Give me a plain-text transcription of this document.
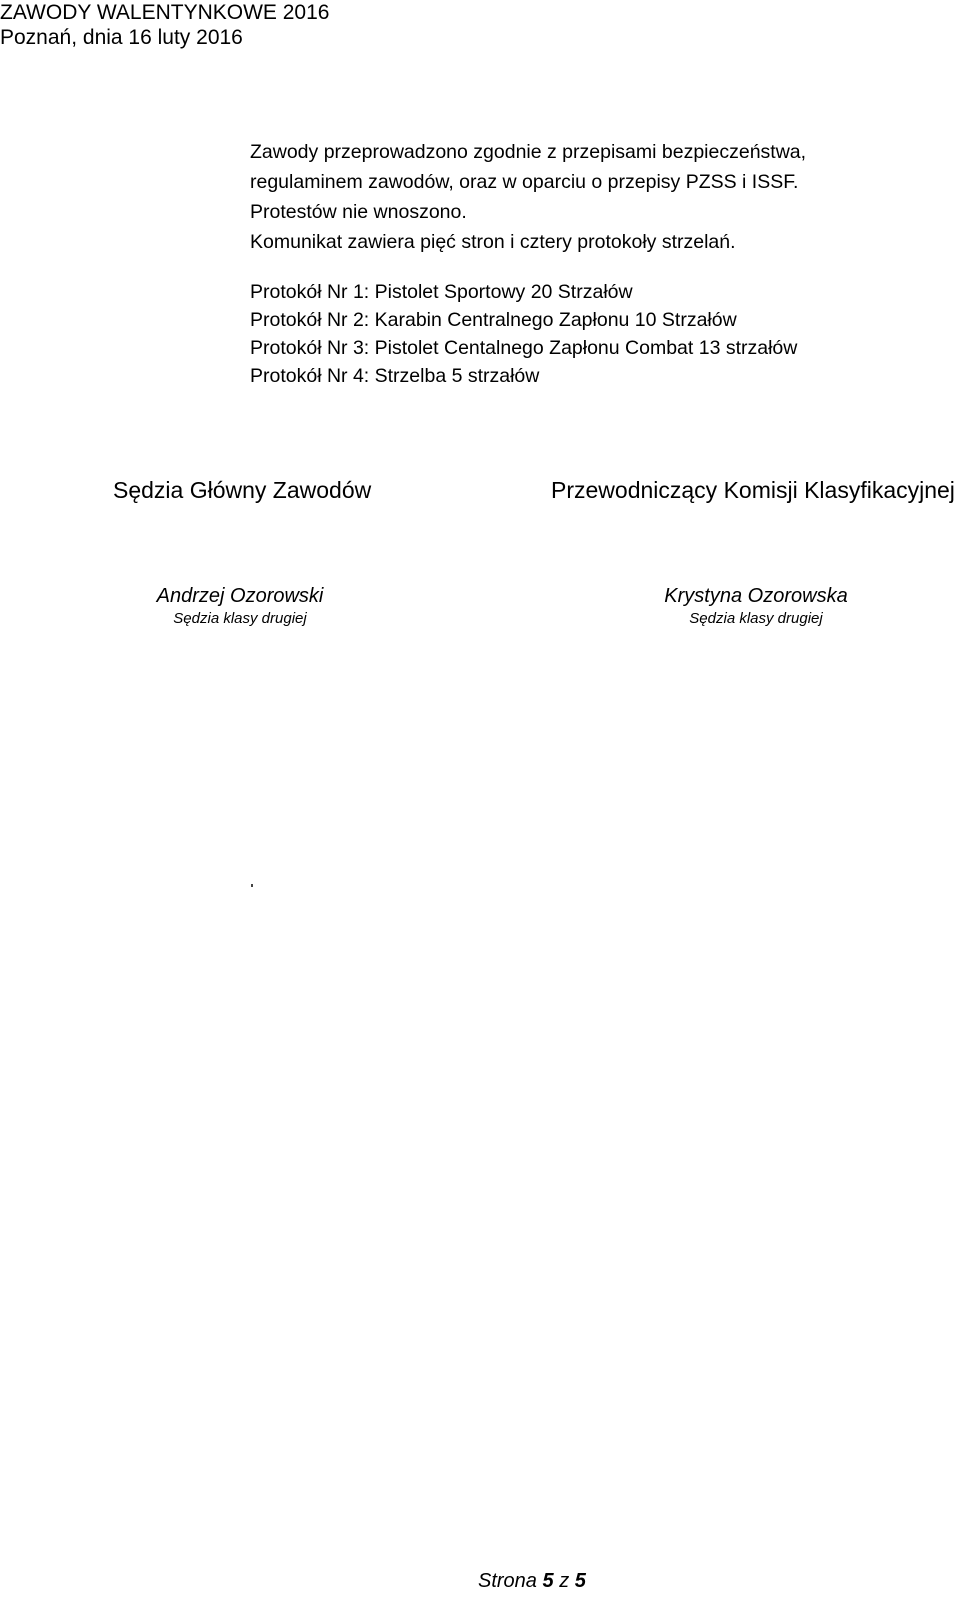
ZAWODY WALENTYNKOWE 2016
Poznań, dnia 16 luty 2016
Zawody przeprowadzono zgodnie z przepisami bezpieczeństwa,
regulaminem zawodów, oraz w oparciu o przepisy PZSS i ISSF.
Protestów nie wnoszono.
Komunikat zawiera pięć stron i cztery protokoły strzelań.
Protokół Nr 1: Pistolet Sportowy 20 Strzałów
Protokół Nr 2: Karabin Centralnego Zapłonu 10 Strzałów
Protokół Nr 3: Pistolet Centalnego Zapłonu Combat 13 strzałów
Protokół Nr 4: Strzelba 5 strzałów
Sędzia Główny Zawodów	Przewodniczący Komisji Klasyfikacyjnej
Andrzej Ozorowski
Sędzia klasy drugiej
Krystyna Ozorowska
Sędzia klasy drugiej
Strona 5 z 5
